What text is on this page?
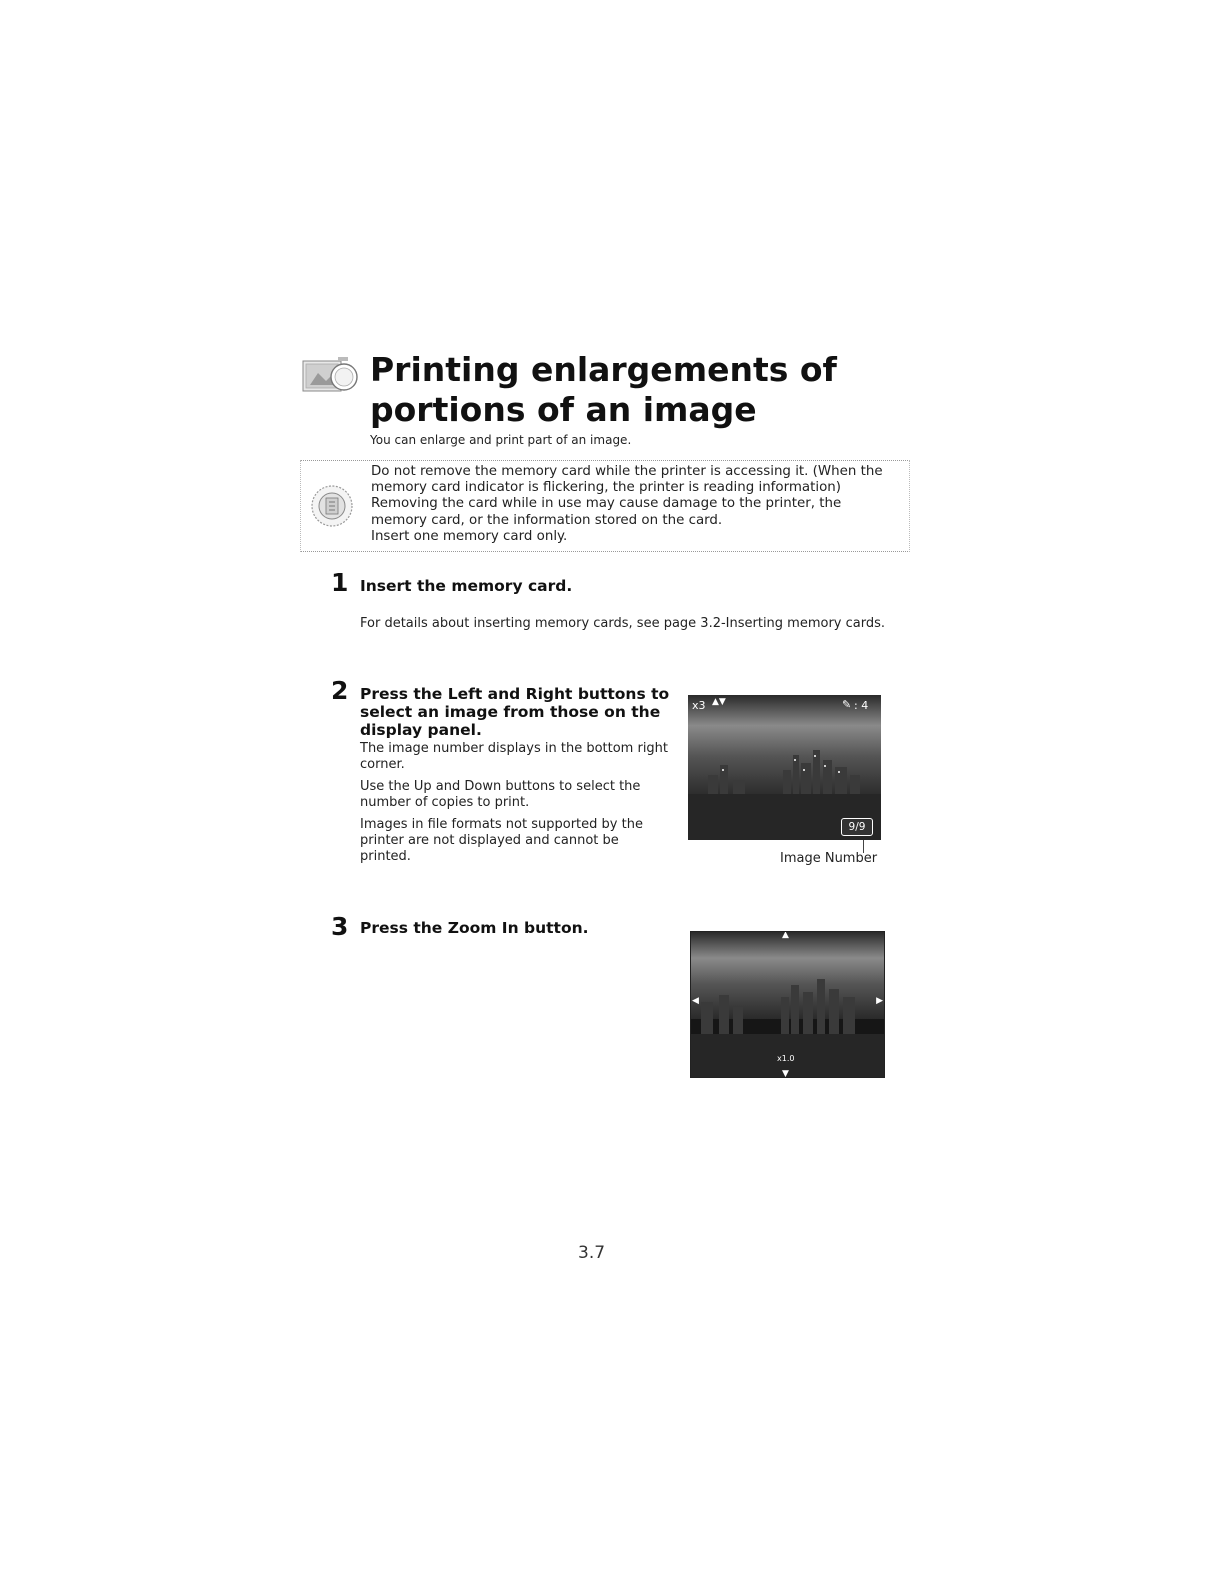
Printing enlargements of portions of an image

You can enlarge and print part of an image.

Do not remove the memory card while the printer is accessing it. (When the
memory card indicator is flickering, the printer is reading information)
Removing the card while in use may cause damage to the printer, the
memory card, or the information stored on the card.
Insert one memory card only.
1 Insert the memory card.

For details about inserting memory cards, see page 3.2-Inserting memory cards.

2 Press the Left and Right buttons to select an image from those on the display panel.

The image number displays in the bottom right corner.

Use the Up and Down buttons to select the number of copies to print.

Images in file formats not supported by the printer are not displayed and cannot be printed.

x3 ▲▼	✎ : 4
9/9
Image Number
3 Press the Zoom In button.	▲
▼
◀	▶
x1.0
3.7
